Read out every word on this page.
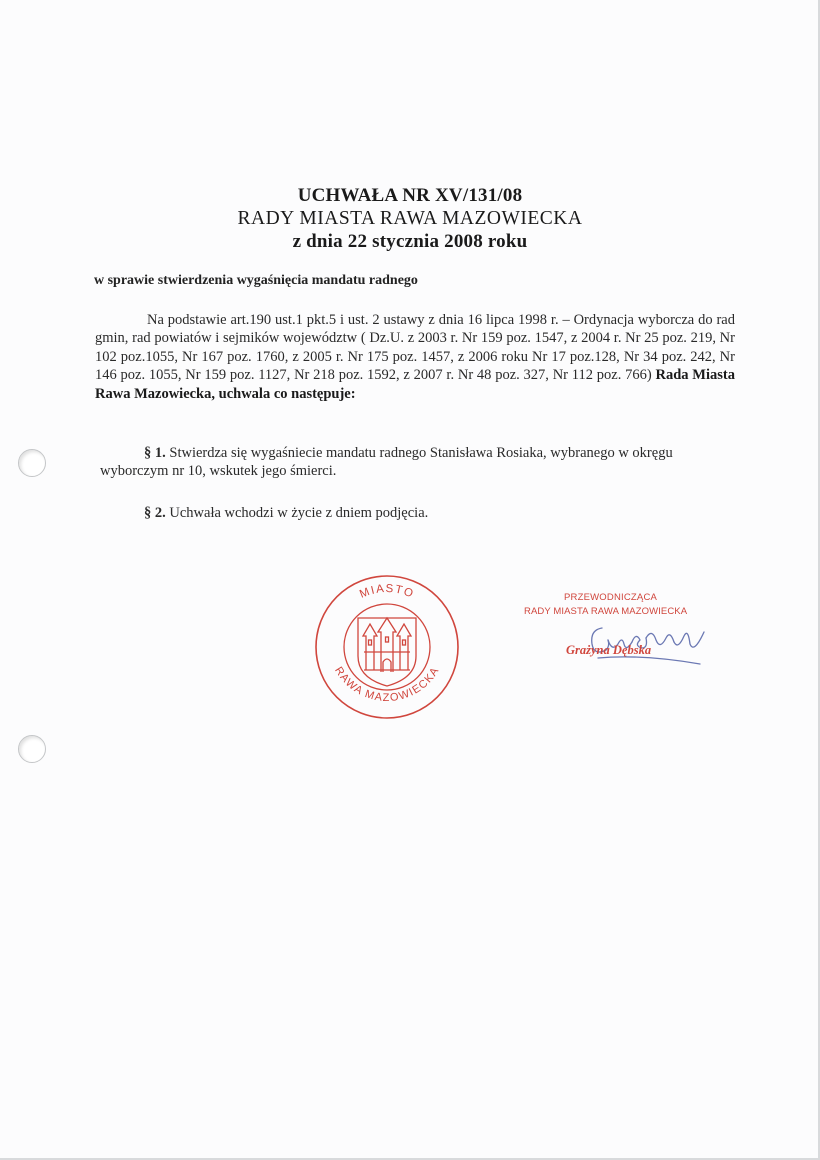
UCHWAŁA NR XV/131/08
RADY MIASTA RAWA MAZOWIECKA
z dnia 22 stycznia 2008 roku
w sprawie stwierdzenia wygaśnięcia mandatu radnego
Na podstawie art.190 ust.1 pkt.5 i ust. 2 ustawy z dnia 16 lipca 1998 r. – Ordynacja wyborcza do rad gmin, rad powiatów i sejmików województw ( Dz.U. z 2003 r. Nr 159 poz. 1547, z 2004 r. Nr 25 poz. 219, Nr 102 poz.1055, Nr 167 poz. 1760, z 2005 r. Nr 175 poz. 1457, z 2006 roku Nr 17 poz.128, Nr 34 poz. 242, Nr 146 poz. 1055, Nr 159 poz. 1127, Nr 218 poz. 1592, z 2007 r. Nr 48 poz. 327, Nr 112 poz. 766) Rada Miasta Rawa Mazowiecka, uchwala co następuje:
§ 1. Stwierdza się wygaśniecie mandatu radnego Stanisława Rosiaka, wybranego w okręgu wyborczym nr 10, wskutek jego śmierci.
§ 2. Uchwała wchodzi w życie z dniem podjęcia.
MIASTO
RAWA MAZOWIECKA
PRZEWODNICZĄCA
RADY MIASTA RAWA MAZOWIECKA
Grażyna Dębska
